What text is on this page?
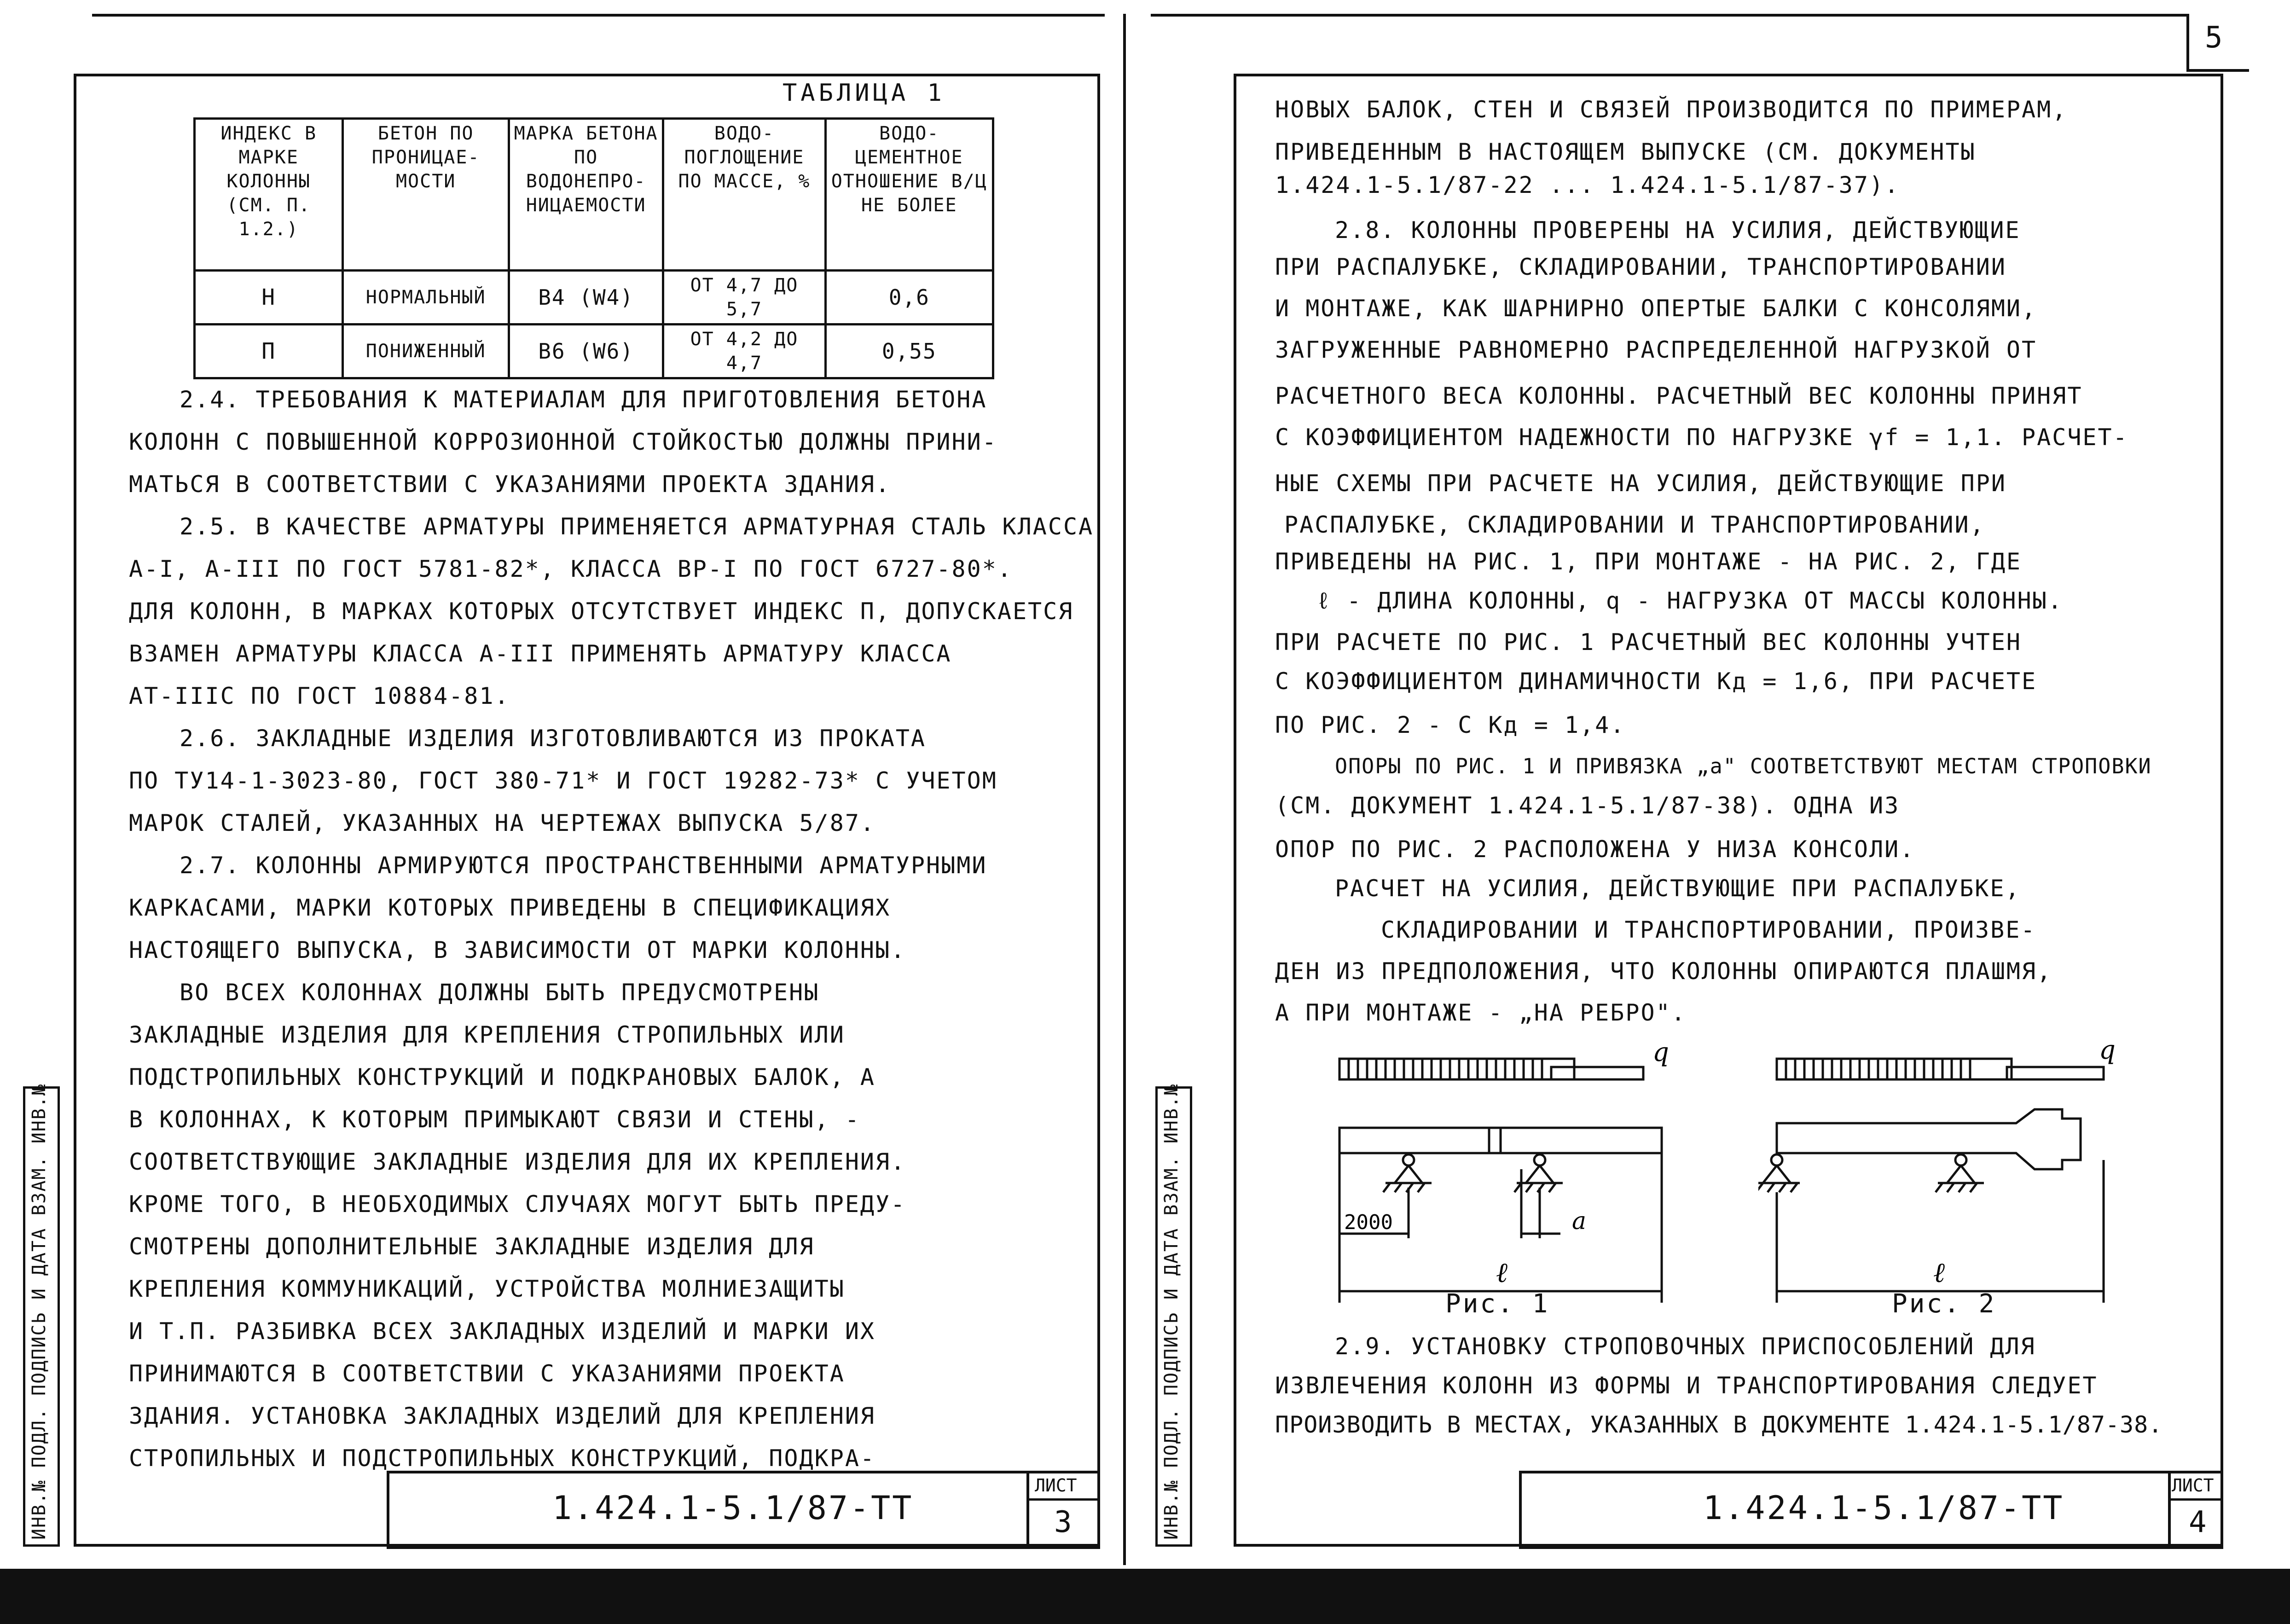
5
ТАБЛИЦА 1
ИНДЕКС В МАРКЕ КОЛОННЫ (СМ. П. 1.2.)	БЕТОН ПО ПРОНИЦАЕ- МОСТИ	МАРКА БЕТОНА ПО ВОДОНЕПРО- НИЦАЕМОСТИ	ВОДО- ПОГЛОЩЕНИЕ ПО МАССЕ, %	ВОДО- ЦЕМЕНТНОЕ ОТНОШЕНИЕ В/Ц НЕ БОЛЕЕ
Н	НОРМАЛЬНЫЙ	В4 (W4)	ОТ 4,7 ДО 5,7	0,6
П	ПОНИЖЕННЫЙ	В6 (W6)	ОТ 4,2 ДО 4,7	0,55
2.4. ТРЕБОВАНИЯ К МАТЕРИАЛАМ ДЛЯ ПРИГОТОВЛЕНИЯ БЕТОНА
КОЛОНН С ПОВЫШЕННОЙ КОРРОЗИОННОЙ СТОЙКОСТЬЮ ДОЛЖНЫ ПРИНИ-
МАТЬСЯ В СООТВЕТСТВИИ С УКАЗАНИЯМИ ПРОЕКТА ЗДАНИЯ.
2.5. В КАЧЕСТВЕ АРМАТУРЫ ПРИМЕНЯЕТСЯ АРМАТУРНАЯ СТАЛЬ КЛАССА
А-I, А-III ПО ГОСТ 5781-82*, КЛАССА ВР-I ПО ГОСТ 6727-80*.
ДЛЯ КОЛОНН, В МАРКАХ КОТОРЫХ ОТСУТСТВУЕТ ИНДЕКС П, ДОПУСКАЕТСЯ
ВЗАМЕН АРМАТУРЫ КЛАССА А-III ПРИМЕНЯТЬ АРМАТУРУ КЛАССА
АТ-IIIС ПО ГОСТ 10884-81.
2.6. ЗАКЛАДНЫЕ ИЗДЕЛИЯ ИЗГОТОВЛИВАЮТСЯ ИЗ ПРОКАТА
ПО ТУ14-1-3023-80, ГОСТ 380-71* И ГОСТ 19282-73* С УЧЕТОМ
МАРОК СТАЛЕЙ, УКАЗАННЫХ НА ЧЕРТЕЖАХ ВЫПУСКА 5/87.
2.7. КОЛОННЫ АРМИРУЮТСЯ ПРОСТРАНСТВЕННЫМИ АРМАТУРНЫМИ
КАРКАСАМИ, МАРКИ КОТОРЫХ ПРИВЕДЕНЫ В СПЕЦИФИКАЦИЯХ
НАСТОЯЩЕГО ВЫПУСКА, В ЗАВИСИМОСТИ ОТ МАРКИ КОЛОННЫ.
ВО ВСЕХ КОЛОННАХ ДОЛЖНЫ БЫТЬ ПРЕДУСМОТРЕНЫ
ЗАКЛАДНЫЕ ИЗДЕЛИЯ ДЛЯ КРЕПЛЕНИЯ СТРОПИЛЬНЫХ ИЛИ
ПОДСТРОПИЛЬНЫХ КОНСТРУКЦИЙ И ПОДКРАНОВЫХ БАЛОК, А
В КОЛОННАХ, К КОТОРЫМ ПРИМЫКАЮТ СВЯЗИ И СТЕНЫ, -
СООТВЕТСТВУЮЩИЕ ЗАКЛАДНЫЕ ИЗДЕЛИЯ ДЛЯ ИХ КРЕПЛЕНИЯ.
КРОМЕ ТОГО, В НЕОБХОДИМЫХ СЛУЧАЯХ МОГУТ БЫТЬ ПРЕДУ-
СМОТРЕНЫ ДОПОЛНИТЕЛЬНЫЕ ЗАКЛАДНЫЕ ИЗДЕЛИЯ ДЛЯ
КРЕПЛЕНИЯ КОММУНИКАЦИЙ, УСТРОЙСТВА МОЛНИЕЗАЩИТЫ
И Т.П. РАЗБИВКА ВСЕХ ЗАКЛАДНЫХ ИЗДЕЛИЙ И МАРКИ ИХ
ПРИНИМАЮТСЯ В СООТВЕТСТВИИ С УКАЗАНИЯМИ ПРОЕКТА
ЗДАНИЯ. УСТАНОВКА ЗАКЛАДНЫХ ИЗДЕЛИЙ ДЛЯ КРЕПЛЕНИЯ
СТРОПИЛЬНЫХ И ПОДСТРОПИЛЬНЫХ КОНСТРУКЦИЙ, ПОДКРА-
ИНВ.№ ПОДЛ. ПОДПИСЬ И ДАТА ВЗАМ. ИНВ.№	1.424.1-5.1/87-ТТ
ЛИСТ
3
НОВЫХ БАЛОК, СТЕН И СВЯЗЕЙ ПРОИЗВОДИТСЯ ПО ПРИМЕРАМ,
ПРИВЕДЕННЫМ В НАСТОЯЩЕМ ВЫПУСКЕ (СМ. ДОКУМЕНТЫ
1.424.1-5.1/87-22 ... 1.424.1-5.1/87-37).
2.8. КОЛОННЫ ПРОВЕРЕНЫ НА УСИЛИЯ, ДЕЙСТВУЮЩИЕ
ПРИ РАСПАЛУБКЕ, СКЛАДИРОВАНИИ, ТРАНСПОРТИРОВАНИИ
И МОНТАЖЕ, КАК ШАРНИРНО ОПЕРТЫЕ БАЛКИ С КОНСОЛЯМИ,
ЗАГРУЖЕННЫЕ РАВНОМЕРНО РАСПРЕДЕЛЕННОЙ НАГРУЗКОЙ ОТ
РАСЧЕТНОГО ВЕСА КОЛОННЫ. РАСЧЕТНЫЙ ВЕС КОЛОННЫ ПРИНЯТ
С КОЭФФИЦИЕНТОМ НАДЕЖНОСТИ ПО НАГРУЗКЕ γf = 1,1. РАСЧЕТ-
НЫЕ СХЕМЫ ПРИ РАСЧЕТЕ НА УСИЛИЯ, ДЕЙСТВУЮЩИЕ ПРИ
РАСПАЛУБКЕ, СКЛАДИРОВАНИИ И ТРАНСПОРТИРОВАНИИ,
ПРИВЕДЕНЫ НА РИС. 1, ПРИ МОНТАЖЕ - НА РИС. 2, ГДЕ
ℓ - ДЛИНА КОЛОННЫ, q - НАГРУЗКА ОТ МАССЫ КОЛОННЫ.
ПРИ РАСЧЕТЕ ПО РИС. 1 РАСЧЕТНЫЙ ВЕС КОЛОННЫ УЧТЕН
С КОЭФФИЦИЕНТОМ ДИНАМИЧНОСТИ Кд = 1,6, ПРИ РАСЧЕТЕ
ПО РИС. 2 - С Кд = 1,4.
ОПОРЫ ПО РИС. 1 И ПРИВЯЗКА „а" СООТВЕТСТВУЮТ МЕСТАМ СТРОПОВКИ
(СМ. ДОКУМЕНТ 1.424.1-5.1/87-38). ОДНА ИЗ
ОПОР ПО РИС. 2 РАСПОЛОЖЕНА У НИЗА КОНСОЛИ.
РАСЧЕТ НА УСИЛИЯ, ДЕЙСТВУЮЩИЕ ПРИ РАСПАЛУБКЕ,
СКЛАДИРОВАНИИ И ТРАНСПОРТИРОВАНИИ, ПРОИЗВЕ-
ДЕН ИЗ ПРЕДПОЛОЖЕНИЯ, ЧТО КОЛОННЫ ОПИРАЮТСЯ ПЛАШМЯ,
А ПРИ МОНТАЖЕ - „НА РЕБРО".
2000	а
ℓ
q
Рис. 1
ℓ
q
Рис. 2
2.9. УСТАНОВКУ СТРОПОВОЧНЫХ ПРИСПОСОБЛЕНИЙ ДЛЯ
ИЗВЛЕЧЕНИЯ КОЛОНН ИЗ ФОРМЫ И ТРАНСПОРТИРОВАНИЯ СЛЕДУЕТ
ПРОИЗВОДИТЬ В МЕСТАХ, УКАЗАННЫХ В ДОКУМЕНТЕ 1.424.1-5.1/87-38.
ИНВ.№ ПОДЛ. ПОДПИСЬ И ДАТА ВЗАМ. ИНВ.№	1.424.1-5.1/87-ТТ
ЛИСТ
4
